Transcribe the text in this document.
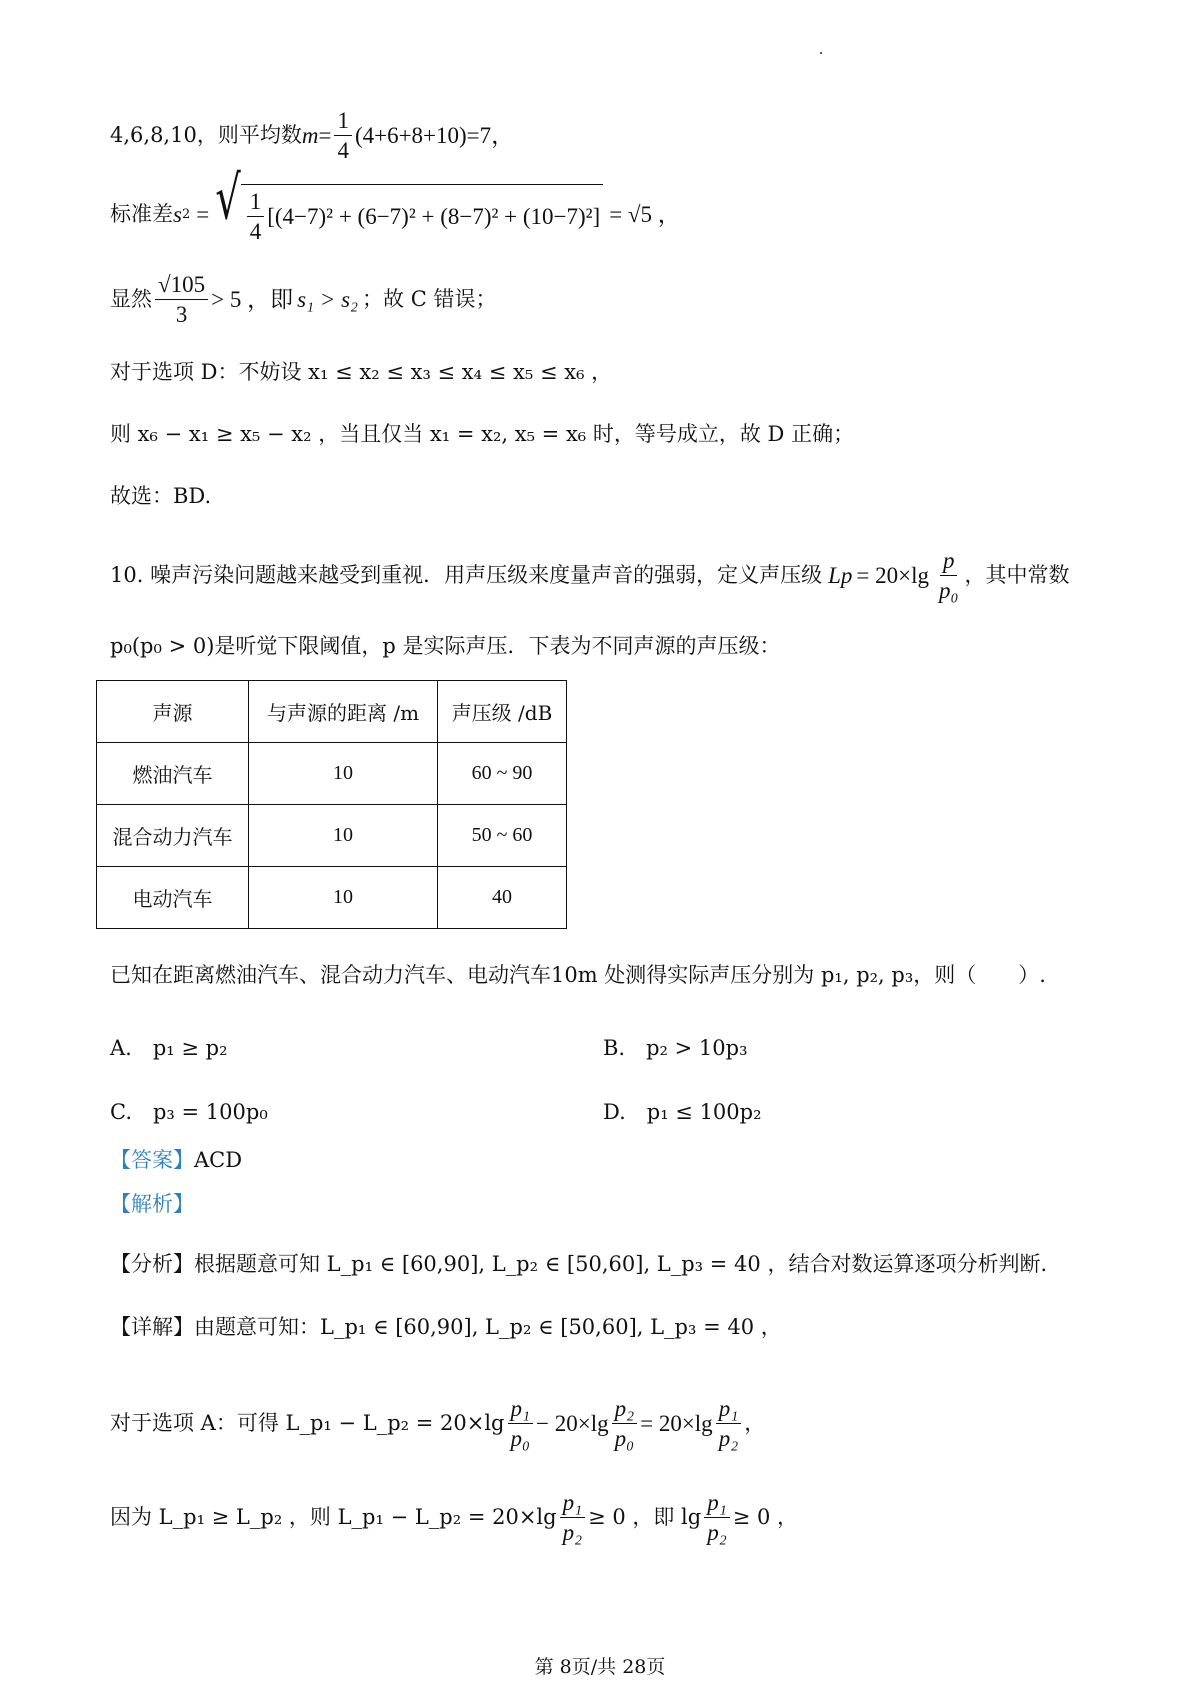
4,6,8,10，则平均数 $m = \frac{1}{4} (4+6+8+10)=7$，
标准差 s 2 = √ $\frac{1}{4} [(4-7)^2 + (6-7)^2 + (8-7)^2 + (10-7)^2] = √5$ ，
显然 $\frac{√105}{3} > 5$ ，即 s₁ > s₂ ；故 C 错误；
对于选项 D：不妨设 x₁ ≤ x₂ ≤ x₃ ≤ x₄ ≤ x₅ ≤ x₆ ，
则 x₆ − x₁ ≥ x₅ − x₂ ，当且仅当 x₁ = x₂, x₅ = x₆ 时，等号成立，故 D 正确；
故选：BD.
10. 噪声污染问题越来越受到重视．用声压级来度量声音的强弱，定义声压级 L $p = 20\times\lg \frac{p}{\text{p₀}}$ ，其中常数
p₀(p₀ > 0)是听觉下限阈值，p 是实际声压．下表为不同声源的声压级：
声源	与声源的距离 /m	声压级 /dB
燃油汽车	10	60 ~ 90
混合动力汽车	10	50 ~ 60
电动汽车	10	40
已知在距离燃油汽车、混合动力汽车、电动汽车10m 处测得实际声压分别为 p₁, p₂, p₃，则（　　）.
A.　p₁ ≥ p₂	B.　p₂ > 10p₃
C.　p₃ = 100p₀	D.　p₁ ≤ 100p₂
【答案】 ACD
【解析】
【分析】 根据题意可知 L_p₁ ∈ [60,90], L_p₂ ∈ [50,60], L_p₃ = 40 ，结合对数运算逐项分析判断.
【详解】 由题意可知：L_p₁ ∈ [60,90], L_p₂ ∈ [50,60], L_p₃ = 40 ，
对于选项 A：可得 L_p₁ − L_p₂ = $20\times\lg \frac{\text{p₁}}{\text{p₀}} - 20\times\lg \frac{\text{p₂}}{\text{p₀}} = 20\times\lg \frac{\text{p₁}}{\text{p₂}}$ ，
因为 L_p₁ ≥ L_p₂ ，则 L_p₁ − L_p₂ = $20\times\lg \frac{\text{p₁}}{\text{p₂}} \ge 0$ ，即 $\lg \frac{\text{p₁}}{\text{p₂}} \ge 0$ ，
第 8页/共 28页
